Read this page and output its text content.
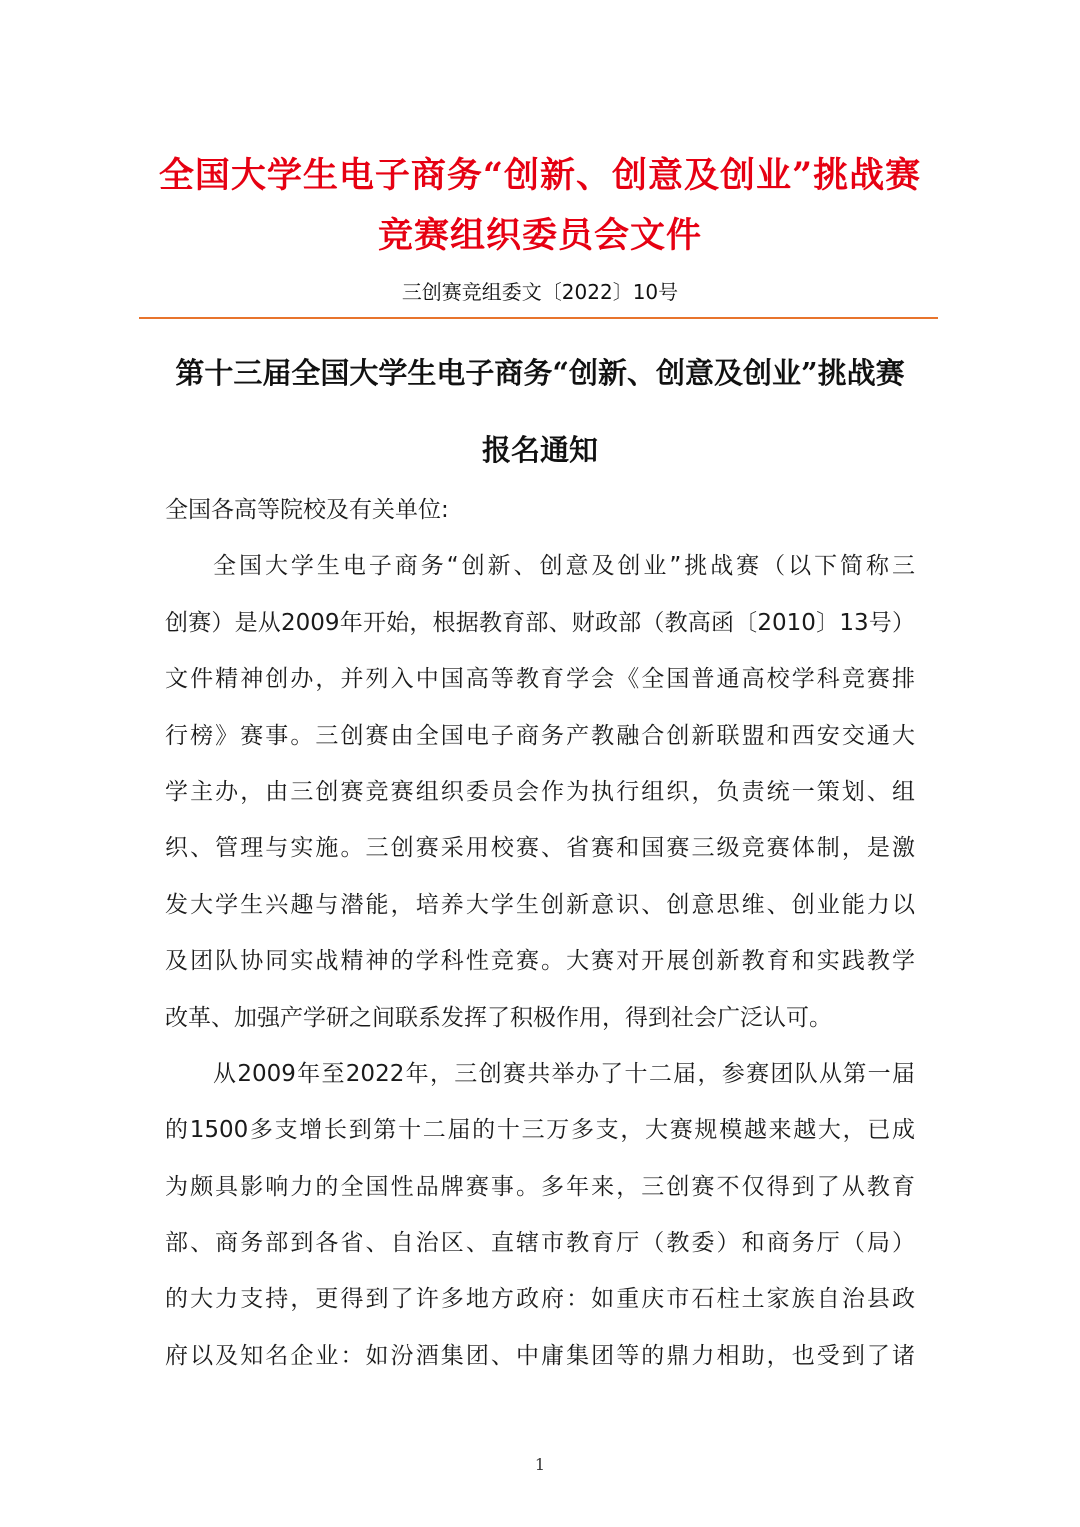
全国大学生电子商务“创新、创意及创业”挑战赛
竞赛组织委员会文件
三创赛竞组委文〔2022〕10号
第十三届全国大学生电子商务“创新、创意及创业”挑战赛
报名通知
全国各高等院校及有关单位:
全国大学生电子商务“创新、创意及创业”挑战赛（以下简称三
创赛）是从2009年开始，根据教育部、财政部（教高函〔2010〕13号）
文件精神创办，并列入中国高等教育学会《全国普通高校学科竞赛排
行榜》赛事。三创赛由全国电子商务产教融合创新联盟和西安交通大
学主办，由三创赛竞赛组织委员会作为执行组织，负责统一策划、组
织、管理与实施。三创赛采用校赛、省赛和国赛三级竞赛体制，是激
发大学生兴趣与潜能，培养大学生创新意识、创意思维、创业能力以
及团队协同实战精神的学科性竞赛。大赛对开展创新教育和实践教学
改革、加强产学研之间联系发挥了积极作用，得到社会广泛认可。
从2009年至2022年，三创赛共举办了十二届，参赛团队从第一届
的1500多支增长到第十二届的十三万多支，大赛规模越来越大，已成
为颇具影响力的全国性品牌赛事。多年来，三创赛不仅得到了从教育
部、商务部到各省、自治区、直辖市教育厅（教委）和商务厅（局）
的大力支持，更得到了许多地方政府：如重庆市石柱土家族自治县政
府以及知名企业：如汾酒集团、中庸集团等的鼎力相助，也受到了诸
1
